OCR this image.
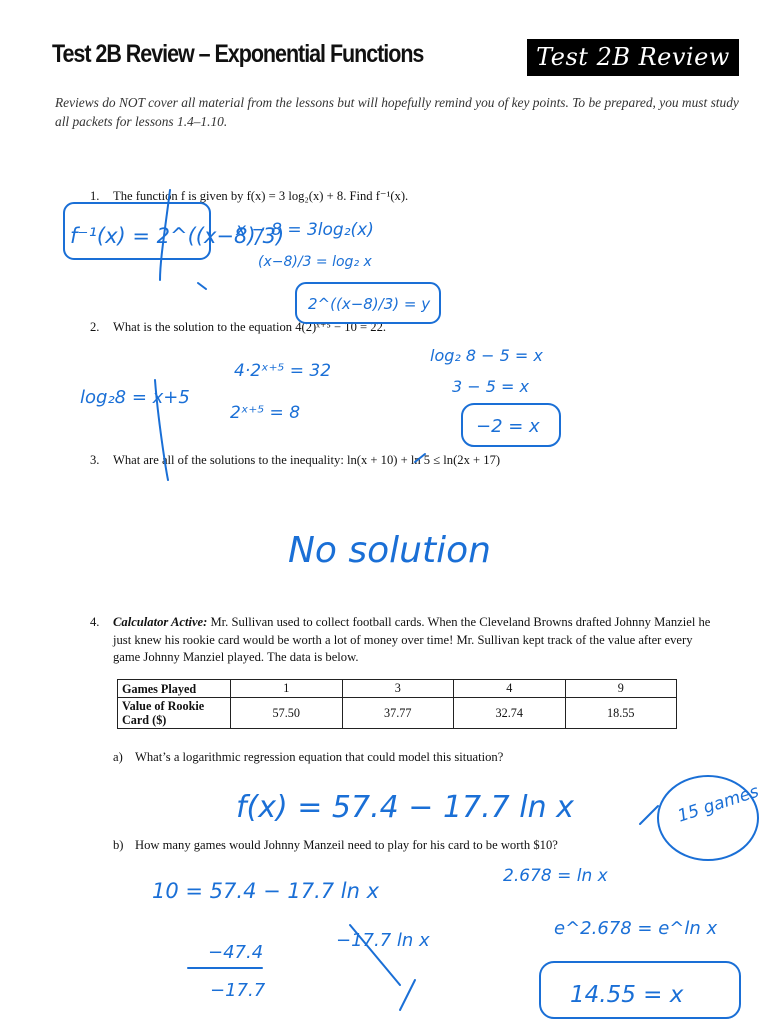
Test 2B Review – Exponential Functions	Test 2B Review
Reviews do NOT cover all material from the lessons but will hopefully remind you of key points. To be prepared, you must study all packets for lessons 1.4–1.10.
1. The function f is given by f(x) = 3 log₂(x) + 8. Find f⁻¹(x).
2. What is the solution to the equation 4(2)ˣ⁺⁵ − 10 = 22.
3. What are all of the solutions to the inequality: ln(x + 10) + ln 5 ≤ ln(2x + 17)
4. Calculator Active: Mr. Sullivan used to collect football cards. When the Cleveland Browns drafted Johnny Manziel he just knew his rookie card would be worth a lot of money over time! Mr. Sullivan kept track of the value after every game Johnny Manziel played. The data is below.
Games Played	1	3	4	9
Value of Rookie Card ($)	57.50	37.77	32.74	18.55
a) What’s a logarithmic regression equation that could model this situation?
b) How many games would Johnny Manzeil need to play for his card to be worth $10?
f⁻¹(x) = 2^((x−8)/3)
x − 8 = 3log₂(x)
(x−8)/3 = log₂ x
2^((x−8)/3) = y
4·2ˣ⁺⁵ = 32
2ˣ⁺⁵ = 8
log₂8 = x+5
log₂ 8 − 5 = x
3 − 5 = x
−2 = x
No solution
f(x) = 57.4 − 17.7 ln x	15 games
10 = 57.4 − 17.7 ln x
−47.4
−17.7
−17.7 ln x
2.678 = ln x
e^2.678 = e^ln x
14.55 = x
